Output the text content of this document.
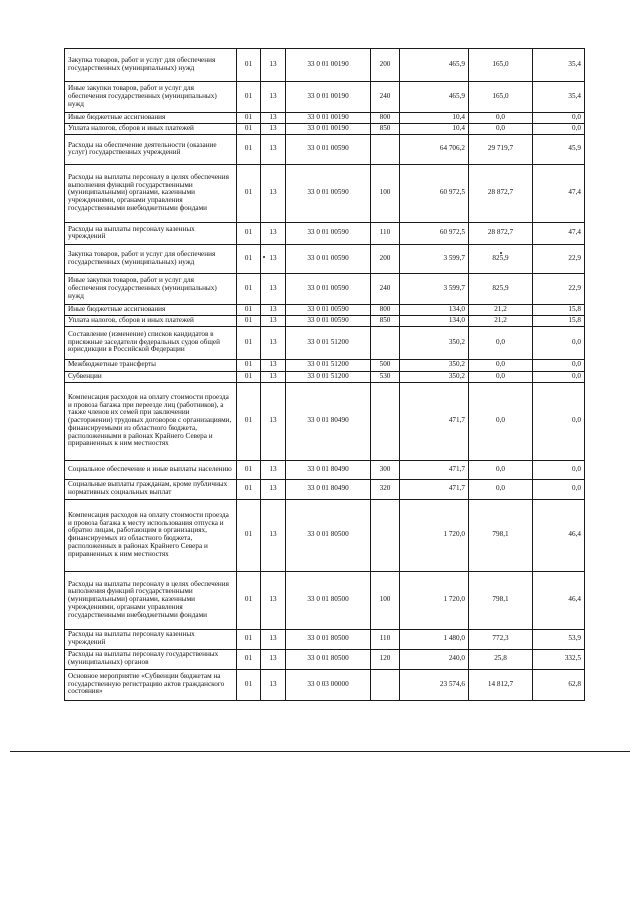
Закупка товаров, работ и услуг для обеспечения государственных (муниципальных) нужд	01	13	33 0 01 00190	200	465,9	165,0	35,4
Иные закупки товаров, работ и услуг для обеспечения государственных (муниципальных) нужд	01	13	33 0 01 00190	240	465,9	165,0	35,4
Иные бюджетные ассигнования	01	13	33 0 01 00190	800	10,4	0,0	0,0
Уплата налогов, сборов и иных платежей	01	13	33 0 01 00190	850	10,4	0,0	0,0
Расходы на обеспечение деятельности (оказание услуг) государственных учреждений	01	13	33 0 01 00590		64 706,2	29 719,7	45,9
Расходы на выплаты персоналу в целях обеспечения выполнения функций государственными (муниципальными) органами, казенными учреждениями, органами управления государственными внебюджетными фондами	01	13	33 0 01 00590	100	60 972,5	28 872,7	47,4
Расходы на выплаты персоналу казенных учреждений	01	13	33 0 01 00590	110	60 972,5	28 872,7	47,4
Закупка товаров, работ и услуг для обеспечения государственных (муниципальных) нужд	01	13	33 0 01 00590	200	3 599,7	825,9	22,9
Иные закупки товаров, работ и услуг для обеспечения государственных (муниципальных) нужд	01	13	33 0 01 00590	240	3 599,7	825,9	22,9
Иные бюджетные ассигнования	01	13	33 0 01 00590	800	134,0	21,2	15,8
Уплата налогов, сборов и иных платежей	01	13	33 0 01 00590	850	134,0	21,2	15,8
Составление (изменение) списков кандидатов в присяжные заседатели федеральных судов общей юрисдикции в Российской Федерации	01	13	33 0 01 51200		350,2	0,0	0,0
Межбюджетные трансферты	01	13	33 0 01 51200	500	350,2	0,0	0,0
Субвенции	01	13	33 0 01 51200	530	350,2	0,0	0,0
Компенсация расходов на оплату стоимости проезда и провоза багажа при переезде лиц (работников), а также членов их семей при заключении (расторжении) трудовых договоров с организациями, финансируемыми из областного бюджета, расположенными в районах Крайнего Севера и приравненных к ним местностях	01	13	33 0 01 80490		471,7	0,0	0,0
Социальное обеспечение и иные выплаты населению	01	13	33 0 01 80490	300	471,7	0,0	0,0
Социальные выплаты гражданам, кроме публичных нормативных социальных выплат	01	13	33 0 01 80490	320	471,7	0,0	0,0
Компенсация расходов на оплату стоимости проезда и провоза багажа к месту использования отпуска и обратно лицам, работающим в организациях, финансируемых из областного бюджета, расположенных в районах Крайнего Севера и приравненных к ним местностях	01	13	33 0 01 80500		1 720,0	798,1	46,4
Расходы на выплаты персоналу в целях обеспечения выполнения функций государственными (муниципальными) органами, казенными учреждениями, органами управления государственными внебюджетными фондами	01	13	33 0 01 80500	100	1 720,0	798,1	46,4
Расходы на выплаты персоналу казенных учреждений	01	13	33 0 01 80500	110	1 480,0	772,3	53,9
Расходы на выплаты персоналу государственных (муниципальных) органов	01	13	33 0 01 80500	120	240,0	25,8	332,5
Основное мероприятие «Субвенции бюджетам на государственную регистрацию актов гражданского состояния»	01	13	33 0 03 00000		23 574,6	14 812,7	62,8
